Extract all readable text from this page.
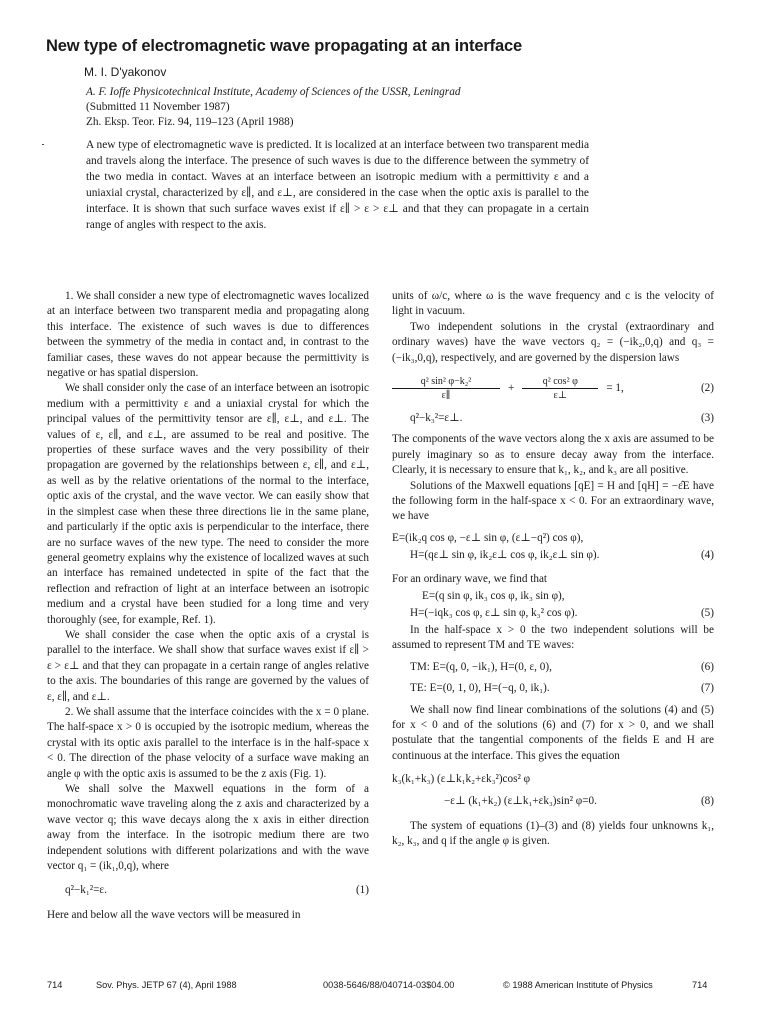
New type of electromagnetic wave propagating at an interface
M. I. D'yakonov
A. F. Ioffe Physicotechnical Institute, Academy of Sciences of the USSR, Leningrad
(Submitted 11 November 1987)
Zh. Eksp. Teor. Fiz. 94, 119–123 (April 1988)
A new type of electromagnetic wave is predicted. It is localized at an interface between two transparent media and travels along the interface. The presence of such waves is due to the difference between the symmetry of the two media in contact. Waves at an interface between an isotropic medium with a permittivity ε and a uniaxial crystal, characterized by ε∥, and ε⊥, are considered in the case when the optic axis is parallel to the interface. It is shown that such surface waves exist if ε∥ > ε > ε⊥ and that they can propagate in a certain range of angles with respect to the axis.

1. We shall consider a new type of electromagnetic waves localized at an interface between two transparent media and propagating along this interface. The existence of such waves is due to differences between the symmetry of the media in contact and, in contrast to the familiar cases, these waves do not appear because the permittivity is negative or has spatial dispersion.

We shall consider only the case of an interface between an isotropic medium with a permittivity ε and a uniaxial crystal for which the principal values of the permittivity tensor are ε∥, ε⊥, and ε⊥. The values of ε, ε∥, and ε⊥, are assumed to be real and positive. The properties of these surface waves and the very possibility of their propagation are governed by the relationships between ε, ε∥, and ε⊥, as well as by the relative orientations of the normal to the interface, optic axis of the crystal, and the wave vector. We can easily show that in the simplest case when these three directions lie in the same plane, and particularly if the optic axis is perpendicular to the interface, there are no surface waves of the new type. The need to consider the more general geometry explains why the existence of localized waves at such an interface has remained undetected in spite of the fact that the reflection and refraction of light at an interface between an isotropic medium and a crystal have been studied for a long time and very thoroughly (see, for example, Ref. 1).

We shall consider the case when the optic axis of a crystal is parallel to the interface. We shall show that surface waves exist if ε∥ > ε > ε⊥ and that they can propagate in a certain range of angles relative to the axis. The boundaries of this range are governed by the values of ε, ε∥, and ε⊥.

2. We shall assume that the interface coincides with the x = 0 plane. The half-space x > 0 is occupied by the isotropic medium, whereas the crystal with its optic axis parallel to the interface is in the half-space x < 0. The direction of the phase velocity of a surface wave making an angle φ with the optic axis is assumed to be the z axis (Fig. 1).

We shall solve the Maxwell equations in the form of a monochromatic wave traveling along the z axis and characterized by a wave vector q; this wave decays along the x axis in either direction away from the interface. In the isotropic medium there are two independent solutions with different polarizations and with the wave vector q₁ = (ik₁,0,q), where

q²−k₁²=ε.	(1)

Here and below all the wave vectors will be measured in

units of ω/c, where ω is the wave frequency and c is the velocity of light in vacuum.

Two independent solutions in the crystal (extraordinary and ordinary waves) have the wave vectors q₂ = (−ik₂,0,q) and q₃ = (−ik₃,0,q), respectively, and are governed by the dispersion laws

$\frac{\text{q² sin² φ−k₂²}}{\varepsilon\parallel} + \frac{\text{q² cos² φ}}{\varepsilon\perp} = 1$,	(2)
q²−k₃²=ε⊥.	(3)

The components of the wave vectors along the x axis are assumed to be purely imaginary so as to ensure decay away from the interface. Clearly, it is necessary to ensure that k₁, k₂, and k₃ are all positive.

Solutions of the Maxwell equations [qE] = H and [qH] = −ε̂E have the following form in the half-space x < 0. For an extraordinary wave, we have

E=(ik₂q cos φ, −ε⊥ sin φ, (ε⊥−q²) cos φ),
H=(qε⊥ sin φ, ik₂ε⊥ cos φ, ik₂ε⊥ sin φ).	(4)

For an ordinary wave, we find that

E=(q sin φ, ik₃ cos φ, ik₃ sin φ),
H=(−iqk₃ cos φ, ε⊥ sin φ, k₃² cos φ).	(5)

In the half-space x > 0 the two independent solutions will be assumed to represent TM and TE waves:

TM: E=(q, 0, −ik₁), H=(0, ε, 0),	(6)
TE: E=(0, 1, 0), H=(−q, 0, ik₁).	(7)

We shall now find linear combinations of the solutions (4) and (5) for x < 0 and of the solutions (6) and (7) for x > 0, and we shall postulate that the tangential components of the fields E and H are continuous at the interface. This gives the equation

k₃(k₁+k₃) (ε⊥k₁k₂+εk₃²)cos² φ
−ε⊥ (k₁+k₂) (ε⊥k₁+εk₃)sin² φ=0.	(8)

The system of equations (1)–(3) and (8) yields four unknowns k₁, k₂, k₃, and q if the angle φ is given.

714	Sov. Phys. JETP 67 (4), April 1988	0038-5646/88/040714-03$04.00	© 1988 American Institute of Physics	714
